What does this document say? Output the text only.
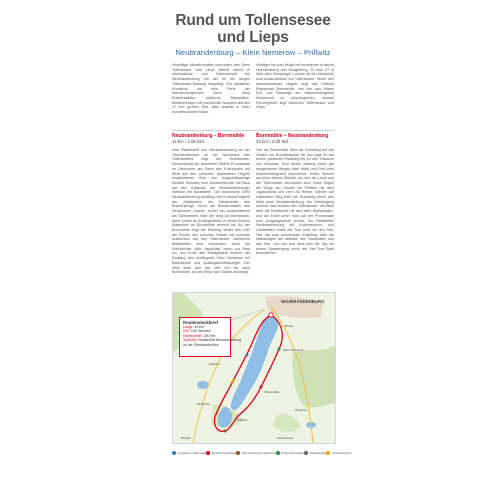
Rund um Tollensesee
und Lieps
Neubrandenburg – Klein Nemerow – Prillwitz
Unzählige Mutathorstäbe umrunden den Seen Tollensesee und Lieps allerlei bleich in Informations- und Tollensensee bei Neubrandenburg mit der 30 km langen Tollensesee-Radweg eingefügt. Ein attraktiver Rundkurs um eine Perle der Mecklenburgischen Seen – dicht Buchenwälder, idyllische Badeplätze, Moränenhügel mit prachtvoller Aussicht auf den 17 km² großen See, alles autofrei in einer wunderschönen Natur.
Häufiger bis zum Hügel mit excellenter Aussicht Heinrichsberg und Gnagelberg, 24 bzw. 37 m über dem Seespiegel. Lohnen ist ein Abstecher zum Aussichtsturm am Tollensesee. Hinter den ausnahmsweise Hügeln liegt das Gutshof Restaurant Bornmühle, von hier aus führen Fuß und Radwege am Naturschutzgebiet Nonnenhof zu ursprünglichen, dessen Feuchtgebiet liegt zwischen Tollensesee und Lieps.
Neubrandenburg – Bornmühle
11 km / 1:06 Std.
Bornmühle – Neubrandenburg
23 km / 2:30 Std.
Vom Radlerstoff von Neubrandenburg an der Oberbachbrücke an der Nordbucht des Tollensesees folgt der Tollensesee-Radrundweg der autofreien Straße Promenade im Uferzonen am Rand des Kulturparks mit Blick auf den zwischen bewaldeten Hügeln eingebetteten See. Am Augustoffsanlage Muddle Schullen eine Aussichtspunkt mit Blick auf den Gutspark, am Neubrandenburger Seebad mit Badestelle. Die historische 1994 Neubrandenburg Aufstieg zum Kurhaus beginnt am „Waldparks“ die Häuserzeile des Buchenbergs. Durch die Buchenwälder des Nemerower Holzes, vorbei am Aussichtsturm am Tollensesee, führt der Weg zur Bornmühle, dann vorbei an Ausflugszielen in einem kurzen Abstecher an Bornmühle erreicht ist. An der Bornmühle folgt der Radweg weiter den Ufer am Rande des Lenniner Holzes mit schönen Ausblicken auf den Tollensesee, zahlreiche Badestellen sind vorhanden. Auch die Schutzhütte „Alte Jagdhütte“ laden zur Rast ein. Am Ende des Waldgebiets erreicht der Radweg den Ausflugsort Klein Nemerow mit Badestrand und Ausflugsschiffsanleger. Der Weg setzt sich am Ufer fort bis nach Bornmühle, wo der Weg nach Süden abzweigt.
Von der Bornmühle führt der Rundweg auf der Zufahrt zur Bundesstraße 96 und folgt ihr auf einem parallelen Radweg bis zu den Häusern von Wustrow. Dort rechts entlang eines gut ausgebauten Weges über Wald und Feld zum Naturschutzgebiet Nonnenhof, hinter diesem auf einer kleinen Brücke, an dem die Lieps und der Tollensesee verbunden sind. Dann folgen die Wege am Ostufer bis Prillwitz mit dem Jagdschloss und dem Alt Rehse. Wieder auf separatem Weg führt der Rundweg durch den Wald nach Neubrandenburg. Am Ortseingang erreicht man wieder den Tollensesee, mit Blick über die Nordbucht mit den alten Wallanlagen, und am Ende kehrt man auf der Promenade zum Ausgangspunkt zurück. Am Stadthafen Neubrandenburg mit Kulturzentrum und Gaststätten endet die Tour rund um den See. Hier hat man wunderbare Ausblicke über die Wallanlagen der Altstadt, den Stadthafen und den See. Von dort aus lässt sich der Tag mit einem Spaziergang durch die Vier-Tore-Stadt beschließen.
Broda
Klein Nemerow
Bornmühle
Küssow
Prillwitz
Alt Rehse
Wustrow
Hohenzieritz
Penzlin
NEUBRANDENBURG
Routensteckbrief
Länge: 34 km
Zeit: 3:30 Stunden
Höhenmeter: 230 Hm
Start/Ziel: Radlerstoff Neubrandenburg
an der Oberbachbrücke
Gewässer / Badestelle Einkehrmöglichkeit Übernachtungsmöglichkeit Sehenswürdigkeit Radwerkstatt Aussichtspunkt
